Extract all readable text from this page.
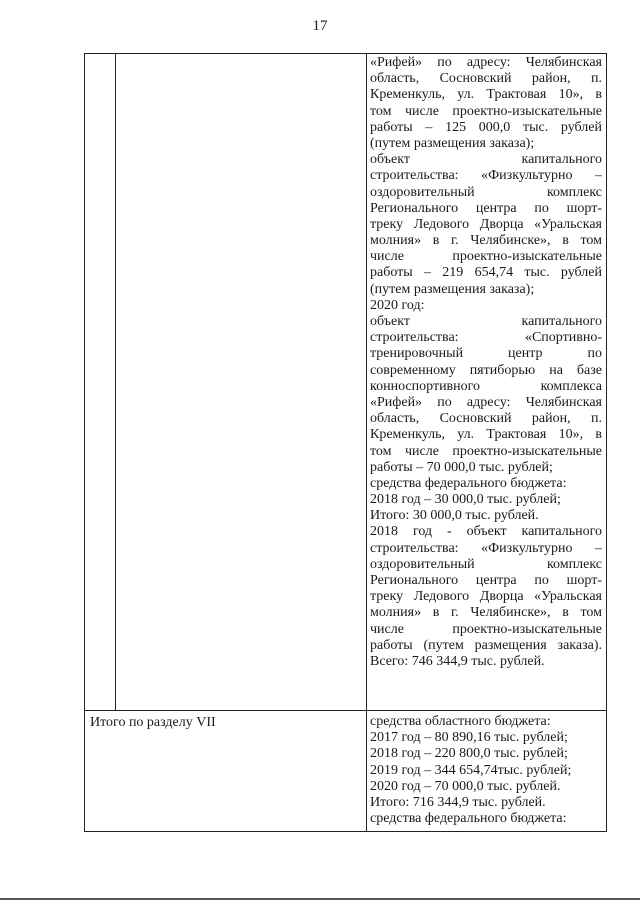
17
«Рифей» по адресу: Челябинская
область, Сосновский район, п.
Кременкуль, ул. Трактовая 10», в
том числе проектно-изыскательные
работы – 125 000,0 тыс. рублей
(путем размещения заказа);
объект капитального
строительства: «Физкультурно –
оздоровительный комплекс
Регионального центра по шорт-
треку Ледового Дворца «Уральская
молния» в г. Челябинске», в том
числе проектно-изыскательные
работы – 219 654,74 тыс. рублей
(путем размещения заказа);
2020 год:
объект капитального
строительства: «Спортивно-
тренировочный центр по
современному пятиборью на базе
конноспортивного комплекса
«Рифей» по адресу: Челябинская
область, Сосновский район, п.
Кременкуль, ул. Трактовая 10», в
том числе проектно-изыскательные
работы – 70 000,0 тыс. рублей;
средства федерального бюджета:
2018 год – 30 000,0 тыс. рублей;
Итого: 30 000,0 тыс. рублей.
2018 год - объект капитального
строительства: «Физкультурно –
оздоровительный комплекс
Регионального центра по шорт-
треку Ледового Дворца «Уральская
молния» в г. Челябинске», в том
числе проектно-изыскательные
работы (путем размещения заказа).
Всего: 746 344,9 тыс. рублей.
Итого по разделу VII	средства областного бюджета:
2017 год – 80 890,16 тыс. рублей;
2018 год – 220 800,0 тыс. рублей;
2019 год – 344 654,74тыс. рублей;
2020 год – 70 000,0 тыс. рублей.
Итого: 716 344,9 тыс. рублей.
средства федерального бюджета:
